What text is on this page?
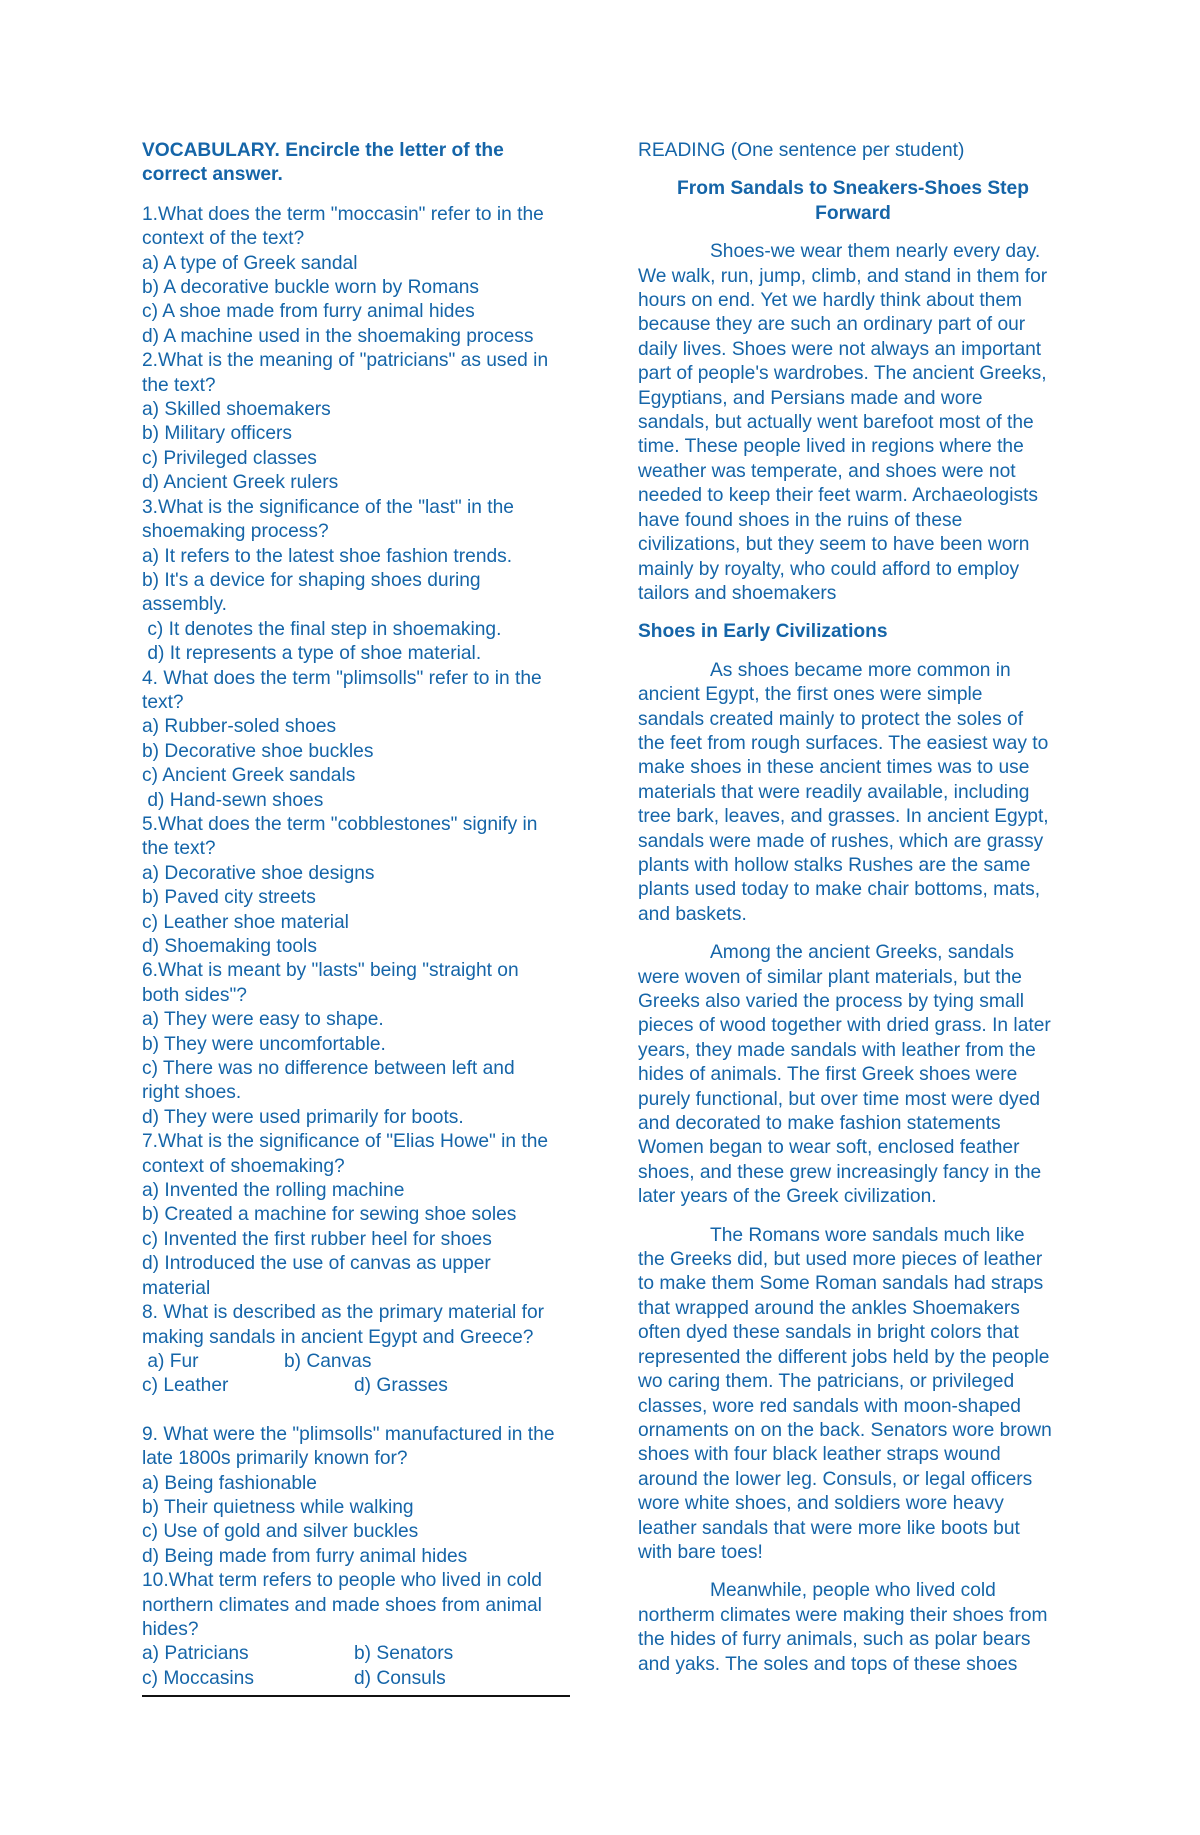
VOCABULARY. Encircle the letter of the
correct answer.
1.What does the term "moccasin" refer to in the
context of the text?
a) A type of Greek sandal
b) A decorative buckle worn by Romans
c) A shoe made from furry animal hides
d) A machine used in the shoemaking process
2.What is the meaning of "patricians" as used in
the text?
a) Skilled shoemakers
b) Military officers
c) Privileged classes
d) Ancient Greek rulers
3.What is the significance of the "last" in the
shoemaking process?
a) It refers to the latest shoe fashion trends.
b) It's a device for shaping shoes during
assembly.
c) It denotes the final step in shoemaking.
d) It represents a type of shoe material.
4. What does the term "plimsolls" refer to in the
text?
a) Rubber-soled shoes
b) Decorative shoe buckles
c) Ancient Greek sandals
d) Hand-sewn shoes
5.What does the term "cobblestones" signify in
the text?
a) Decorative shoe designs
b) Paved city streets
c) Leather shoe material
d) Shoemaking tools
6.What is meant by "lasts" being "straight on
both sides"?
a) They were easy to shape.
b) They were uncomfortable.
c) There was no difference between left and
right shoes.
d) They were used primarily for boots.
7.What is the significance of "Elias Howe" in the
context of shoemaking?
a) Invented the rolling machine
b) Created a machine for sewing shoe soles
c) Invented the first rubber heel for shoes
d) Introduced the use of canvas as upper
material
8. What is described as the primary material for
making sandals in ancient Egypt and Greece?
a) Fur	b) Canvas
c) Leather	d) Grasses
9. What were the "plimsolls" manufactured in the
late 1800s primarily known for?
a) Being fashionable
b) Their quietness while walking
c) Use of gold and silver buckles
d) Being made from furry animal hides
10.What term refers to people who lived in cold
northern climates and made shoes from animal
hides?
a) Patricians	b) Senators
c) Moccasins	d) Consuls
READING (One sentence per student)
From Sandals to Sneakers-Shoes Step
Forward
Shoes-we wear them nearly every day.
We walk, run, jump, climb, and stand in them for
hours on end. Yet we hardly think about them
because they are such an ordinary part of our
daily lives. Shoes were not always an important
part of people's wardrobes. The ancient Greeks,
Egyptians, and Persians made and wore
sandals, but actually went barefoot most of the
time. These people lived in regions where the
weather was temperate, and shoes were not
needed to keep their feet warm. Archaeologists
have found shoes in the ruins of these
civilizations, but they seem to have been worn
mainly by royalty, who could afford to employ
tailors and shoemakers
Shoes in Early Civilizations
As shoes became more common in
ancient Egypt, the first ones were simple
sandals created mainly to protect the soles of
the feet from rough surfaces. The easiest way to
make shoes in these ancient times was to use
materials that were readily available, including
tree bark, leaves, and grasses. In ancient Egypt,
sandals were made of rushes, which are grassy
plants with hollow stalks Rushes are the same
plants used today to make chair bottoms, mats,
and baskets.
Among the ancient Greeks, sandals
were woven of similar plant materials, but the
Greeks also varied the process by tying small
pieces of wood together with dried grass. In later
years, they made sandals with leather from the
hides of animals. The first Greek shoes were
purely functional, but over time most were dyed
and decorated to make fashion statements
Women began to wear soft, enclosed feather
shoes, and these grew increasingly fancy in the
later years of the Greek civilization.
The Romans wore sandals much like
the Greeks did, but used more pieces of leather
to make them Some Roman sandals had straps
that wrapped around the ankles Shoemakers
often dyed these sandals in bright colors that
represented the different jobs held by the people
wo caring them. The patricians, or privileged
classes, wore red sandals with moon-shaped
ornaments on on the back. Senators wore brown
shoes with four black leather straps wound
around the lower leg. Consuls, or legal officers
wore white shoes, and soldiers wore heavy
leather sandals that were more like boots but
with bare toes!
Meanwhile, people who lived cold
northerm climates were making their shoes from
the hides of furry animals, such as polar bears
and yaks. The soles and tops of these shoes
